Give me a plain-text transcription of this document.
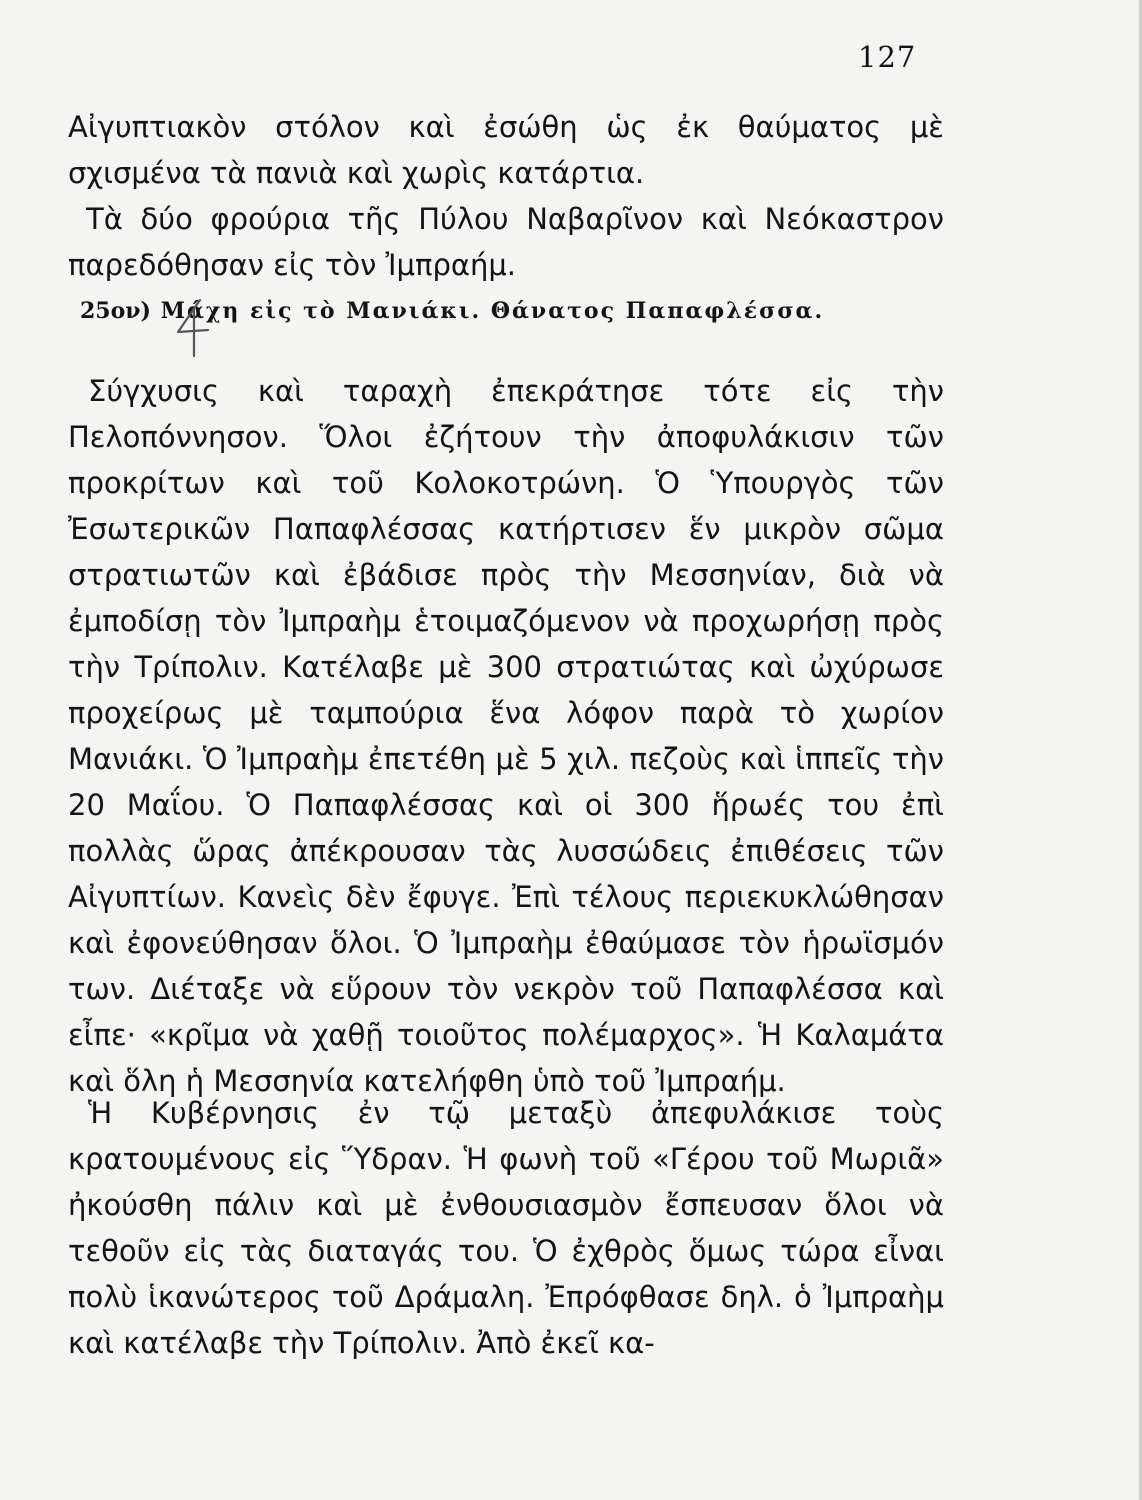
127

Αἰγυπτιακὸν στόλον καὶ ἐσώθη ὡς ἐκ θαύματος μὲ σχισμένα τὰ πανιὰ καὶ χωρὶς κατάρτια.

Τὰ δύο φρούρια τῆς Πύλου Ναβαρῖνον καὶ Νεόκαστρον παρεδόθησαν εἰς τὸν Ἰμπραήμ.

25ον) Μάχη εἰς τὸ Μανιάκι. Θάνατος Παπαφλέσσα.

Σύγχυσις καὶ ταραχὴ ἐπεκράτησε τότε εἰς τὴν Πελοπόννησον. Ὅλοι ἐζήτουν τὴν ἀποφυλάκισιν τῶν προκρίτων καὶ τοῦ Κολοκοτρώνη. Ὁ Ὑπουργὸς τῶν Ἐσωτερικῶν Παπαφλέσσας κατήρτισεν ἕν μικρὸν σῶμα στρατιωτῶν καὶ ἐβάδισε πρὸς τὴν Μεσσηνίαν, διὰ νὰ ἐμποδίσῃ τὸν Ἰμπραὴμ ἑτοιμαζόμενον νὰ προχωρήσῃ πρὸς τὴν Τρίπολιν. Κατέλαβε μὲ 300 στρατιώτας καὶ ὠχύρωσε προχείρως μὲ ταμπούρια ἕνα λόφον παρὰ τὸ χωρίον Μανιάκι. Ὁ Ἰμπραὴμ ἐπετέθη μὲ 5 χιλ. πεζοὺς καὶ ἱππεῖς τὴν 20 Μαΐου. Ὁ Παπαφλέσσας καὶ οἱ 300 ἥρωές του ἐπὶ πολλὰς ὥρας ἀπέκρουσαν τὰς λυσσώδεις ἐπιθέσεις τῶν Αἰγυπτίων. Κανεὶς δὲν ἔφυγε. Ἐπὶ τέλους περιεκυκλώθησαν καὶ ἐφονεύθησαν ὅλοι. Ὁ Ἰμπραὴμ ἐθαύμασε τὸν ἡρωϊσμόν των. Διέταξε νὰ εὕρουν τὸν νεκρὸν τοῦ Παπαφλέσσα καὶ εἶπε· «κρῖμα νὰ χαθῇ τοιοῦτος πολέμαρχος». Ἡ Καλαμάτα καὶ ὅλη ἡ Μεσσηνία κατελήφθη ὑπὸ τοῦ Ἰμπραήμ.

Ἡ Κυβέρνησις ἐν τῷ μεταξὺ ἀπεφυλάκισε τοὺς κρατουμένους εἰς Ὕδραν. Ἡ φωνὴ τοῦ «Γέρου τοῦ Μωριᾶ» ἠκούσθη πάλιν καὶ μὲ ἐνθουσιασμὸν ἔσπευσαν ὅλοι νὰ τεθοῦν εἰς τὰς διαταγάς του. Ὁ ἐχθρὸς ὅμως τώρα εἶναι πολὺ ἱκανώτερος τοῦ Δράμαλη. Ἐπρόφθασε δηλ. ὁ Ἰμπραὴμ καὶ κατέλαβε τὴν Τρίπολιν. Ἀπὸ ἐκεῖ κα-
